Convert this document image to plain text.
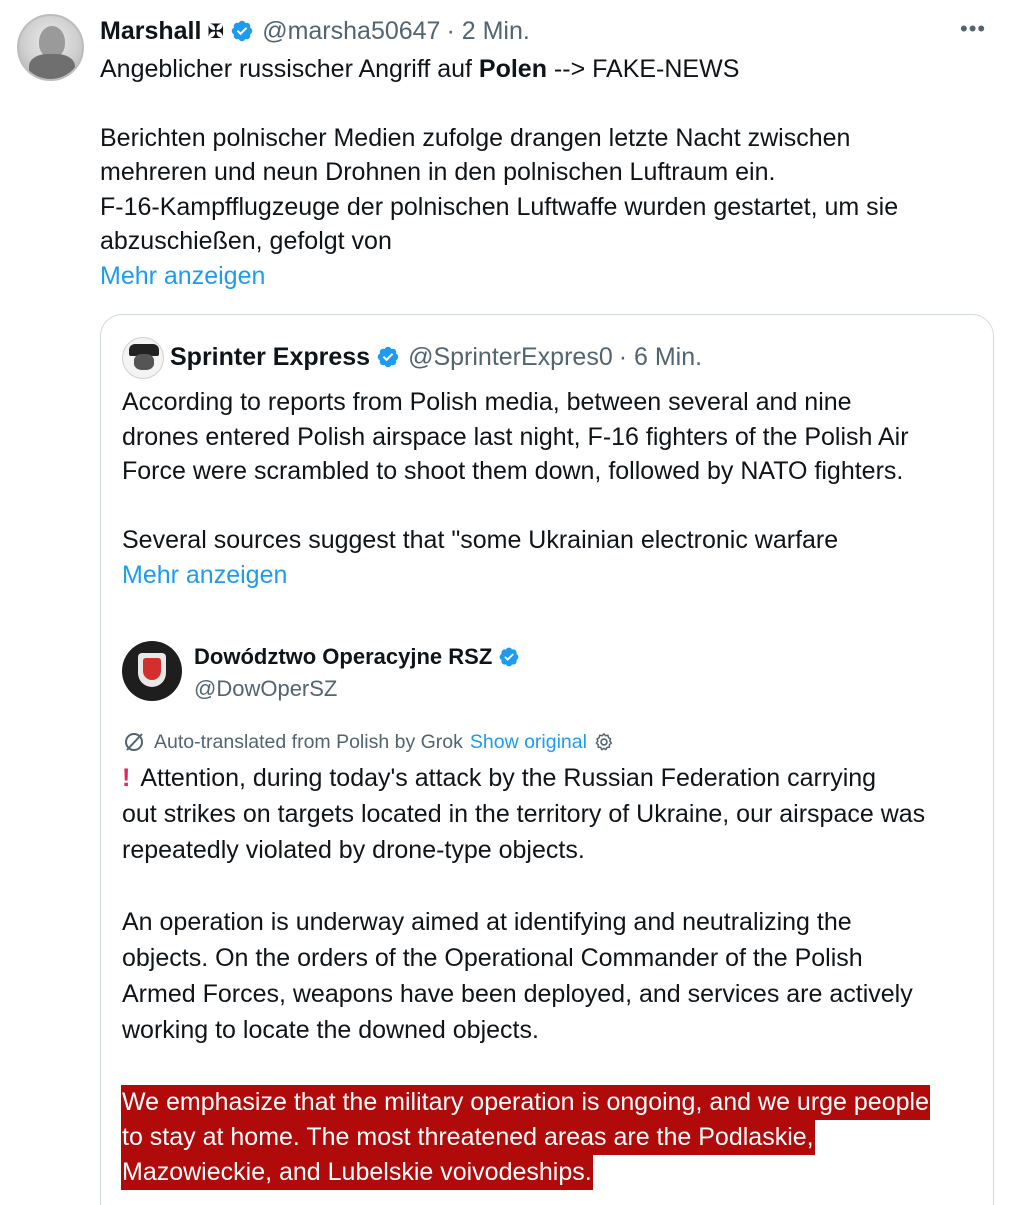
Marshall ✠ @marsha50647 · 2 Min.	•••
Angeblicher russischer Angriff auf Polen --> FAKE-NEWS
Berichten polnischer Medien zufolge drangen letzte Nacht zwischen
mehreren und neun Drohnen in den polnischen Luftraum ein.
F-16-Kampfflugzeuge der polnischen Luftwaffe wurden gestartet, um sie
abzuschießen, gefolgt von
Mehr anzeigen
Sprinter Express @SprinterExpres0 · 6 Min.
According to reports from Polish media, between several and nine
drones entered Polish airspace last night, F-16 fighters of the Polish Air
Force were scrambled to shoot them down, followed by NATO fighters.
Several sources suggest that "some Ukrainian electronic warfare
Mehr anzeigen
Dowództwo Operacyjne RSZ
@DowOperSZ
Auto-translated from Polish by Grok Show original
! Attention, during today's attack by the Russian Federation carrying
out strikes on targets located in the territory of Ukraine, our airspace was
repeatedly violated by drone-type objects.
An operation is underway aimed at identifying and neutralizing the
objects. On the orders of the Operational Commander of the Polish
Armed Forces, weapons have been deployed, and services are actively
working to locate the downed objects.
We emphasize that the military operation is ongoing, and we urge people
to stay at home. The most threatened areas are the Podlaskie,
Mazowieckie, and Lubelskie voivodeships.
